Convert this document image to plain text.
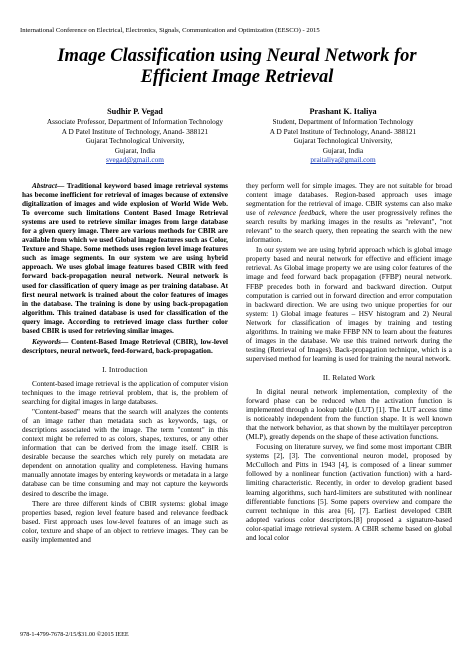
International Conference on Electrical, Electronics, Signals, Communication and Optimization (EESCO) - 2015
Image Classification using Neural Network for
Efficient Image Retrieval
Sudhir P. Vegad
Associate Professor, Department of Information Technology
A D Patel Institute of Technology, Anand- 388121
Gujarat Technological University,
Gujarat, India
svegad@gmail.com
Prashant K. Italiya
Student, Department of Information Technology
A D Patel Institute of Technology, Anand- 388121
Gujarat Technological University,
Gujarat, India
praitaliya@gmail.com

Abstract— Traditional keyword based image retrieval systems has become inefficient for retrieval of images because of extensive digitalization of images and wide explosion of World Wide Web. To overcome such limitations Content Based Image Retrieval systems are used to retrieve similar images from large database for a given query image. There are various methods for CBIR are available from which we used Global image features such as Color, Texture and Shape. Some methods uses region level image features such as image segments. In our system we are using hybrid approach. We uses global image features based CBIR with feed forward back-propagation neural network. Neural network is used for classification of query image as per training database. At first neural network is trained about the color features of images in the database. The training is done by using back-propagation algorithm. This trained database is used for classification of the query image. According to retrieved image class further color based CBIR is used for retrieving similar images.

Keywords— Content-Based Image Retrieval (CBIR), low-level descriptors, neural network, feed-forward, back-propagation.

I. Introduction

Content-based image retrieval is the application of computer vision techniques to the image retrieval problem, that is, the problem of searching for digital images in large databases.

"Content-based" means that the search will analyzes the contents of an image rather than metadata such as keywords, tags, or descriptions associated with the image. The term "content" in this context might be referred to as colors, shapes, textures, or any other information that can be derived from the image itself. CBIR is desirable because the searches which rely purely on metadata are dependent on annotation quality and completeness. Having humans manually annotate images by entering keywords or metadata in a large database can be time consuming and may not capture the keywords desired to describe the image.

There are three different kinds of CBIR systems: global image properties based, region level feature based and relevance feedback based. First approach uses low-level features of an image such as color, texture and shape of an object to retrieve images. They can be easily implemented and

they perform well for simple images. They are not suitable for broad content image databases. Region-based approach uses image segmentation for the retrieval of image. CBIR systems can also make use of relevance feedback, where the user progressively refines the search results by marking images in the results as "relevant", "not relevant" to the search query, then repeating the search with the new information.

In our system we are using hybrid approach which is global image property based and neural network for effective and efficient image retrieval. As Global image property we are using color features of the image and feed forward back propagation (FFBP) neural network. FFBP precedes both in forward and backward direction. Output computation is carried out in forward direction and error computation in backward direction. We are using two unique properties for our system: 1) Global image features – HSV histogram and 2) Neural Network for classification of images by training and testing algorithms. In training we make FFBP NN to learn about the features of images in the database. We use this trained network during the testing (Retrieval of Images). Back-propagation technique, which is a supervised method for learning is used for training the neural network.

II. Related Work

In digital neural network implementation, complexity of the forward phase can be reduced when the activation function is implemented through a lookup table (LUT) [1]. The LUT access time is noticeably independent from the function shape. It is well known that the network behavior, as that shown by the multilayer perceptron (MLP), greatly depends on the shape of these activation functions.

Focusing on literature survey, we find some most important CBIR systems [2], [3]. The conventional neuron model, proposed by McCulloch and Pitts in 1943 [4], is composed of a linear summer followed by a nonlinear function (activation function) with a hard-limiting characteristic. Recently, in order to develop gradient based learning algorithms, such hard-limiters are substituted with nonlinear differentiable functions [5]. Some papers overview and compare the current technique in this area [6], [7]. Earliest developed CBIR adopted various color descriptors.[8] proposed a signature-based color-spatial image retrieval system. A CBIR scheme based on global and local color

978-1-4799-7678-2/15/$31.00 ©2015 IEEE
